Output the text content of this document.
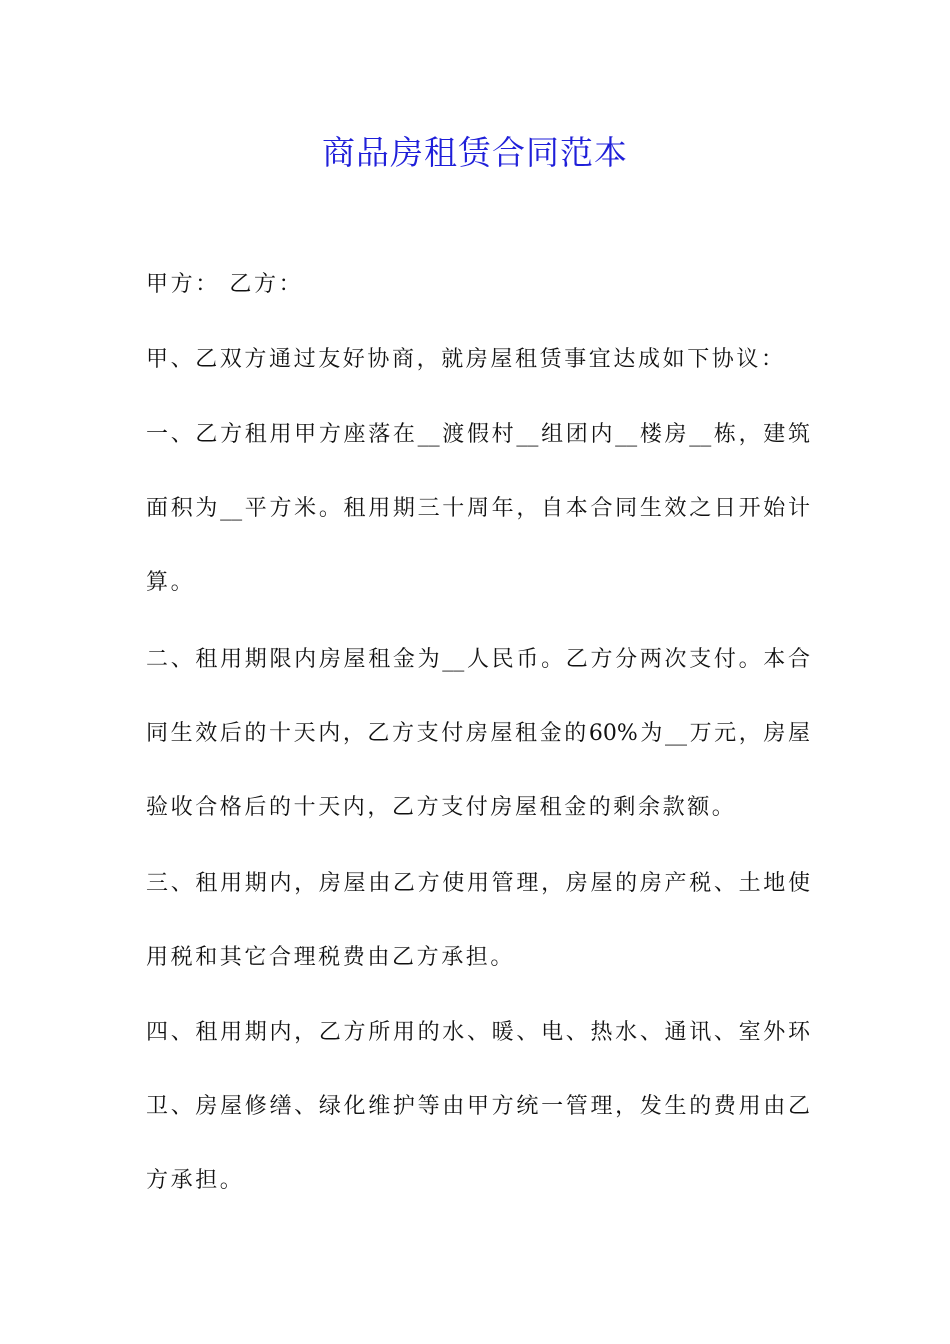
商品房租赁合同范本
甲方： 乙方：
甲、乙双方通过友好协商，就房屋租赁事宜达成如下协议：
一、乙方租用甲方座落在__渡假村__组团内__楼房__栋，建筑
面积为__平方米。租用期三十周年，自本合同生效之日开始计
算。
二、租用期限内房屋租金为__人民币。乙方分两次支付。本合
同生效后的十天内，乙方支付房屋租金的60%为__万元，房屋
验收合格后的十天内，乙方支付房屋租金的剩余款额。
三、租用期内，房屋由乙方使用管理，房屋的房产税、土地使
用税和其它合理税费由乙方承担。
四、租用期内，乙方所用的水、暖、电、热水、通讯、室外环
卫、房屋修缮、绿化维护等由甲方统一管理，发生的费用由乙
方承担。
